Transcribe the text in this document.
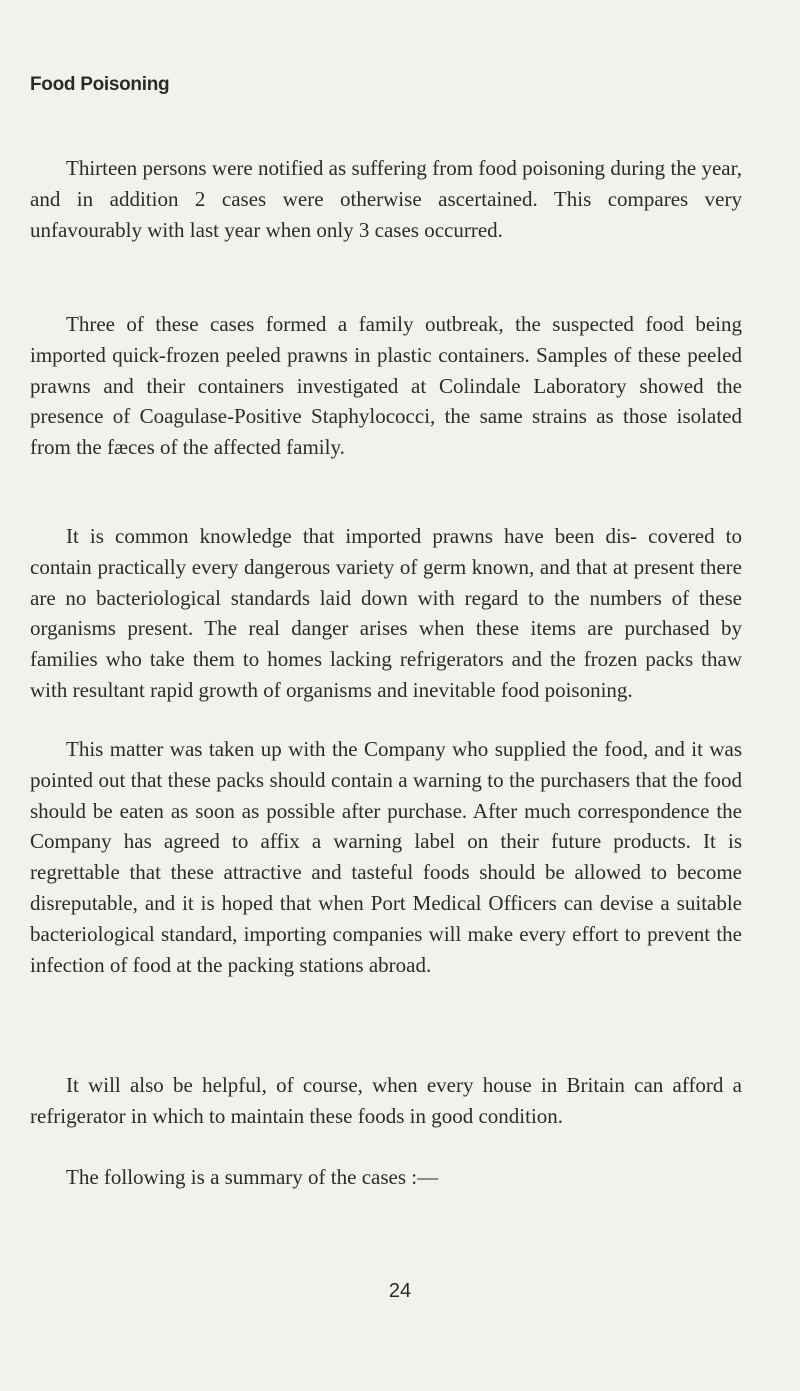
Food Poisoning

Thirteen persons were notified as suffering from food poisoning during the year, and in addition 2 cases were otherwise ascertained. This compares very unfavourably with last year when only 3 cases occurred.

Three of these cases formed a family outbreak, the suspected food being imported quick-frozen peeled prawns in plastic containers. Samples of these peeled prawns and their containers investigated at Colindale Laboratory showed the presence of Coagulase-Positive Staphylococci, the same strains as those isolated from the fæces of the affected family.

It is common knowledge that imported prawns have been dis- covered to contain practically every dangerous variety of germ known, and that at present there are no bacteriological standards laid down with regard to the numbers of these organisms present. The real danger arises when these items are purchased by families who take them to homes lacking refrigerators and the frozen packs thaw with resultant rapid growth of organisms and inevitable food poisoning.

This matter was taken up with the Company who supplied the food, and it was pointed out that these packs should contain a warning to the purchasers that the food should be eaten as soon as possible after purchase. After much correspondence the Company has agreed to affix a warning label on their future products. It is regrettable that these attractive and tasteful foods should be allowed to become disreputable, and it is hoped that when Port Medical Officers can devise a suitable bacteriological standard, importing companies will make every effort to prevent the infection of food at the packing stations abroad.

It will also be helpful, of course, when every house in Britain can afford a refrigerator in which to maintain these foods in good condition.

The following is a summary of the cases :—

24
